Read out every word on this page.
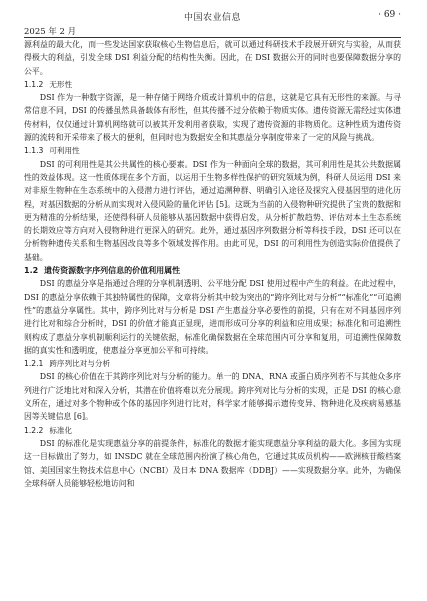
中国农业信息	· 69 ·
2025 年 2 月

源利益的最大化，而一些发达国家获取核心生物信息后，就可以通过科研技术手段展开研究与实验，从而获得极大的利益，引发全球 DSI 利益分配的结构性失衡。因此，在 DSI 数据公开的同时也要保障数据分享的公平。

1.1.2 无形性

DSI 作为一种数字资源，是一种存储于网络介质或计算机中的信息，这就是它具有无形性的来源。与寻常信息不同，DSI 的传播虽然具备载体有形性，但其传播不过分依赖于物质实体。遗传资源无需经过实体遗传材料，仅仅通过计算机网络就可以被其开发利用者获取，实现了遗传资源的非物质化。这种性质为遗传资源的流转和开采带来了极大的便利，但同时也为数据安全和其惠益分享制度带来了一定的风险与挑战。

1.1.3 可利用性

DSI 的可利用性是其公共属性的核心要素。DSI 作为一种面向全球的数据，其可利用性是其公共数据属性的效益体现。这一性质体现在多个方面，以运用于生物多样性保护的研究领域为例，科研人员运用 DSI 来对非原生物种在生态系统中的入侵潜力进行评估，通过追溯种群、明确引入途径及探究入侵基因型的进化历程，对基因数据的分析从而实现对入侵风险的量化评估 [5]。这既为当前的入侵物种研究提供了宝贵的数据和更为精准的分析结果，还使得科研人员能够从基因数据中获得启发，从分析扩散趋势、评估对本土生态系统的长期效应等方向对入侵物种进行更深入的研究。此外，通过基因序列数据分析等科技手段，DSI 还可以在分析物种遗传关系和生物基因改良等多个领域发挥作用。由此可见，DSI 的可利用性为创造实际价值提供了基础。

1.2 遗传资源数字序列信息的价值利用属性

DSI 的惠益分享是指通过合理的分享机制透明、公平地分配 DSI 使用过程中产生的利益。在此过程中，DSI 的惠益分享依赖于其独特属性的保障，文章将分析其中较为突出的“跨序列比对与分析”“标准化”“可追溯性”的惠益分享属性。其中，跨序列比对与分析是 DSI 产生惠益分享必要性的前提，只有在对不同基因序列进行比对和综合分析时，DSI 的价值才能真正显现，进而形成可分享的利益和应用成果；标准化和可追溯性则构成了惠益分享机制顺利运行的关键依据，标准化确保数据在全球范围内可分享和复用，可追溯性保障数据的真实性和透明度，使惠益分享更加公平和可持续。

1.2.1 跨序列比对与分析

DSI 的核心价值在于其跨序列比对与分析的能力。单一的 DNA、RNA 或蛋白质序列若不与其他众多序列进行广泛地比对和深入分析，其潜在价值将难以充分展现。跨序列对比与分析的实现，正是 DSI 的核心意义所在，通过对多个物种或个体的基因序列进行比对，科学家才能够揭示遗传变异、物种进化及疾病易感基因等关键信息 [6]。

1.2.2 标准化

DSI 的标准化是实现惠益分享的前提条件，标准化的数据才能实现惠益分享利益的最大化。多国为实现这一目标做出了努力，如 INSDC 就在全球范围内扮演了核心角色，它通过其成员机构——欧洲核苷酸档案馆、美国国家生物技术信息中心（NCBI）及日本 DNA 数据库（DDBJ）——实现数据分享。此外，为确保全球科研人员能够轻松地访问和
